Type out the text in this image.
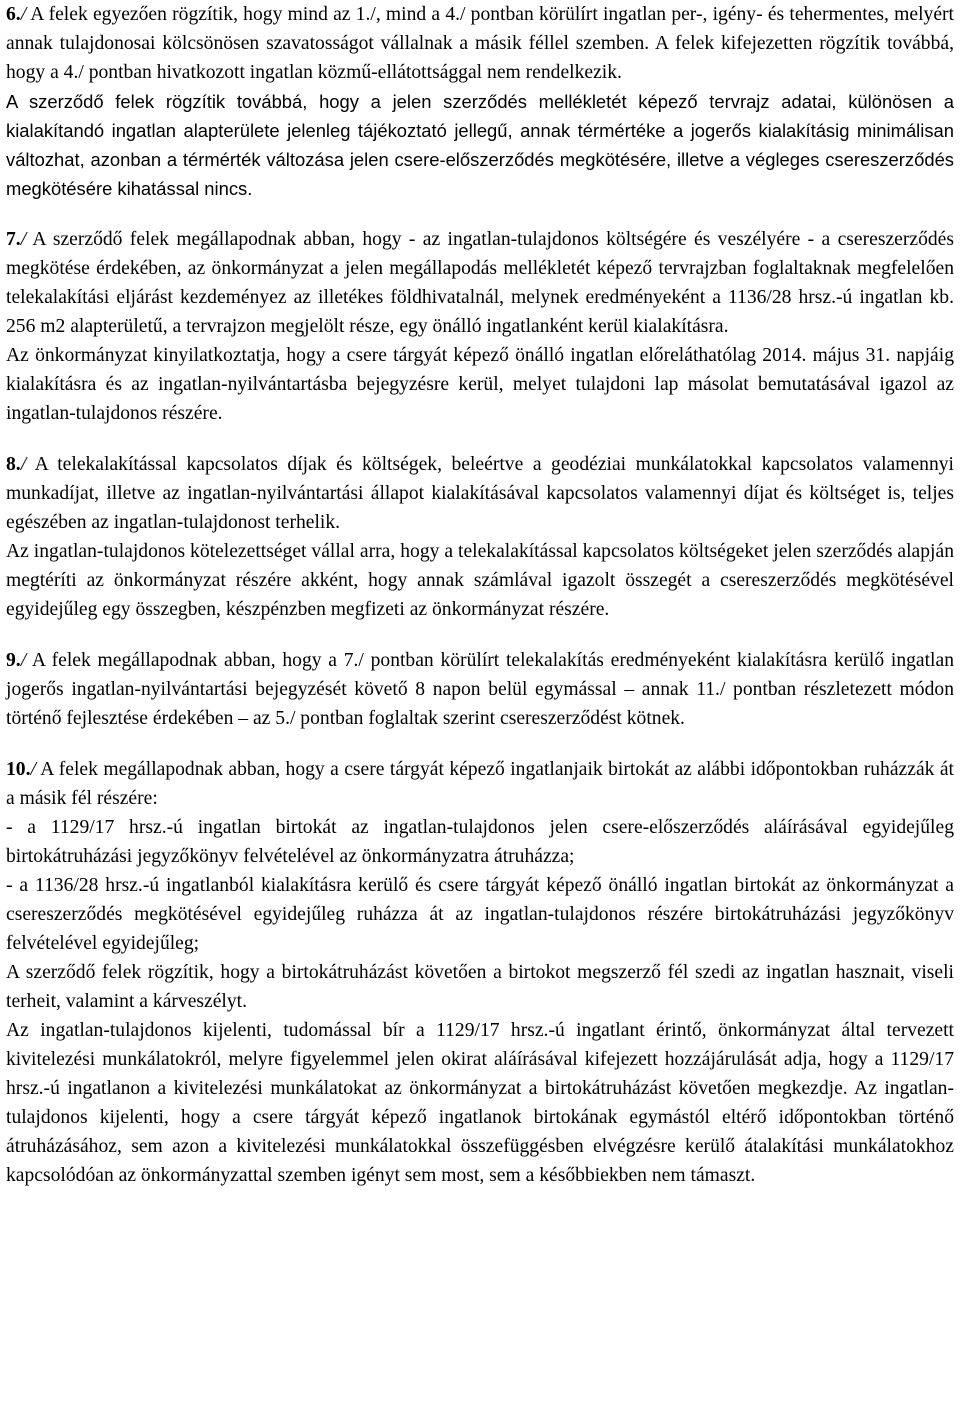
6./ A felek egyezően rögzítik, hogy mind az 1./, mind a 4./ pontban körülírt ingatlan per-, igény- és tehermentes, melyért annak tulajdonosai kölcsönösen szavatosságot vállalnak a másik féllel szemben. A felek kifejezetten rögzítik továbbá, hogy a 4./ pontban hivatkozott ingatlan közmű-ellátottsággal nem rendelkezik.

A szerződő felek rögzítik továbbá, hogy a jelen szerződés mellékletét képező tervrajz adatai, különösen a kialakítandó ingatlan alapterülete jelenleg tájékoztató jellegű, annak térmértéke a jogerős kialakításig minimálisan változhat, azonban a térmérték változása jelen csere-előszerződés megkötésére, illetve a végleges csereszerződés megkötésére kihatással nincs.

7./ A szerződő felek megállapodnak abban, hogy - az ingatlan-tulajdonos költségére és veszélyére - a csereszerződés megkötése érdekében, az önkormányzat a jelen megállapodás mellékletét képező tervrajzban foglaltaknak megfelelően telekalakítási eljárást kezdeményez az illetékes földhivatalnál, melynek eredményeként a 1136/28 hrsz.-ú ingatlan kb. 256 m2 alapterületű, a tervrajzon megjelölt része, egy önálló ingatlanként kerül kialakításra.

Az önkormányzat kinyilatkoztatja, hogy a csere tárgyát képező önálló ingatlan előreláthatólag 2014. május 31. napjáig kialakításra és az ingatlan-nyilvántartásba bejegyzésre kerül, melyet tulajdoni lap másolat bemutatásával igazol az ingatlan-tulajdonos részére.

8./ A telekalakítással kapcsolatos díjak és költségek, beleértve a geodéziai munkálatokkal kapcsolatos valamennyi munkadíjat, illetve az ingatlan-nyilvántartási állapot kialakításával kapcsolatos valamennyi díjat és költséget is, teljes egészében az ingatlan-tulajdonost terhelik.

Az ingatlan-tulajdonos kötelezettséget vállal arra, hogy a telekalakítással kapcsolatos költségeket jelen szerződés alapján megtéríti az önkormányzat részére akként, hogy annak számlával igazolt összegét a csereszerződés megkötésével egyidejűleg egy összegben, készpénzben megfizeti az önkormányzat részére.

9./ A felek megállapodnak abban, hogy a 7./ pontban körülírt telekalakítás eredményeként kialakításra kerülő ingatlan jogerős ingatlan-nyilvántartási bejegyzését követő 8 napon belül egymással – annak 11./ pontban részletezett módon történő fejlesztése érdekében – az 5./ pontban foglaltak szerint csereszerződést kötnek.

10./ A felek megállapodnak abban, hogy a csere tárgyát képező ingatlanjaik birtokát az alábbi időpontokban ruházzák át a másik fél részére:

- a 1129/17 hrsz.-ú ingatlan birtokát az ingatlan-tulajdonos jelen csere-előszerződés aláírásával egyidejűleg birtokátruházási jegyzőkönyv felvételével az önkormányzatra átruházza;

- a 1136/28 hrsz.-ú ingatlanból kialakításra kerülő és csere tárgyát képező önálló ingatlan birtokát az önkormányzat a csereszerződés megkötésével egyidejűleg ruházza át az ingatlan-tulajdonos részére birtokátruházási jegyzőkönyv felvételével egyidejűleg;

A szerződő felek rögzítik, hogy a birtokátruházást követően a birtokot megszerző fél szedi az ingatlan hasznait, viseli terheit, valamint a kárveszélyt.

Az ingatlan-tulajdonos kijelenti, tudomással bír a 1129/17 hrsz.-ú ingatlant érintő, önkormányzat által tervezett kivitelezési munkálatokról, melyre figyelemmel jelen okirat aláírásával kifejezett hozzájárulását adja, hogy a 1129/17 hrsz.-ú ingatlanon a kivitelezési munkálatokat az önkormányzat a birtokátruházást követően megkezdje. Az ingatlan-tulajdonos kijelenti, hogy a csere tárgyát képező ingatlanok birtokának egymástól eltérő időpontokban történő átruházásához, sem azon a kivitelezési munkálatokkal összefüggésben elvégzésre kerülő átalakítási munkálatokhoz kapcsolódóan az önkormányzattal szemben igényt sem most, sem a későbbiekben nem támaszt.
